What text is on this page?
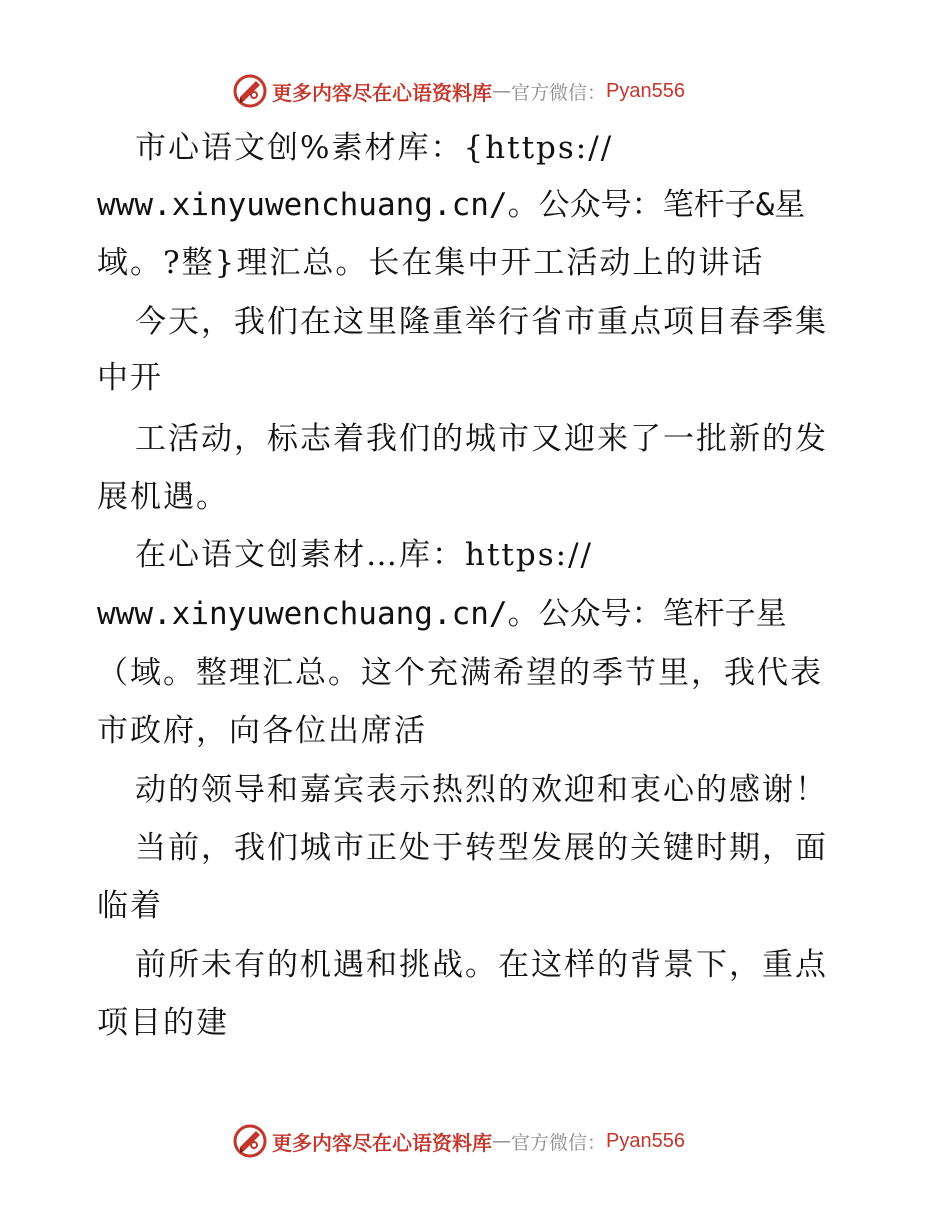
更多内容尽在心语资料库 — 官方微信： Pyan556
市心语文创%素材库：{https://
www.xinyuwenchuang.cn/。公众号：笔杆子&星
域。?整}理汇总。长在集中开工活动上的讲话
今天，我们在这里隆重举行省市重点项目春季集
中开
工活动，标志着我们的城市又迎来了一批新的发
展机遇。
在心语文创素材…库：https://
www.xinyuwenchuang.cn/。公众号：笔杆子星
（域。整理汇总。这个充满希望的季节里，我代表
市政府，向各位出席活
动的领导和嘉宾表示热烈的欢迎和衷心的感谢！
当前，我们城市正处于转型发展的关键时期，面
临着
前所未有的机遇和挑战。在这样的背景下，重点
项目的建
更多内容尽在心语资料库 — 官方微信： Pyan556
